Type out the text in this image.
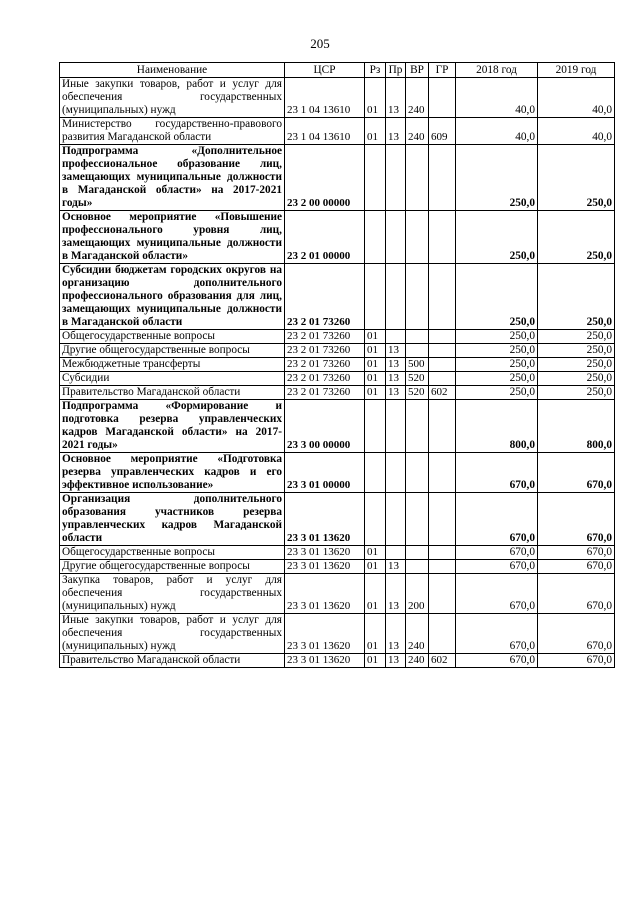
205
Наименование	ЦСР	Рз	Пр	ВР	ГР	2018 год	2019 год
Иные закупки товаров, работ и услуг для обеспечения государственных (муниципальных) нужд	23 1 04 13610	01	13	240		40,0	40,0
Министерство государственно-правового развития Магаданской области	23 1 04 13610	01	13	240	609	40,0	40,0
Подпрограмма «Дополнительное профессиональное образование лиц, замещающих муниципальные должности в Магаданской области» на 2017-2021 годы»	23 2 00 00000					250,0	250,0
Основное мероприятие «Повышение профессионального уровня лиц, замещающих муниципальные должности в Магаданской области»	23 2 01 00000					250,0	250,0
Субсидии бюджетам городских округов на организацию дополнительного профессионального образования для лиц, замещающих муниципальные должности в Магаданской области	23 2 01 73260					250,0	250,0
Общегосударственные вопросы	23 2 01 73260	01				250,0	250,0
Другие общегосударственные вопросы	23 2 01 73260	01	13			250,0	250,0
Межбюджетные трансферты	23 2 01 73260	01	13	500		250,0	250,0
Субсидии	23 2 01 73260	01	13	520		250,0	250,0
Правительство Магаданской области	23 2 01 73260	01	13	520	602	250,0	250,0
Подпрограмма «Формирование и подготовка резерва управленческих кадров Магаданской области» на 2017-2021 годы»	23 3 00 00000					800,0	800,0
Основное мероприятие «Подготовка резерва управленческих кадров и его эффективное использование»	23 3 01 00000					670,0	670,0
Организация дополнительного образования участников резерва управленческих кадров Магаданской области	23 3 01 13620					670,0	670,0
Общегосударственные вопросы	23 3 01 13620	01				670,0	670,0
Другие общегосударственные вопросы	23 3 01 13620	01	13			670,0	670,0
Закупка товаров, работ и услуг для обеспечения государственных (муниципальных) нужд	23 3 01 13620	01	13	200		670,0	670,0
Иные закупки товаров, работ и услуг для обеспечения государственных (муниципальных) нужд	23 3 01 13620	01	13	240		670,0	670,0
Правительство Магаданской области	23 3 01 13620	01	13	240	602	670,0	670,0
